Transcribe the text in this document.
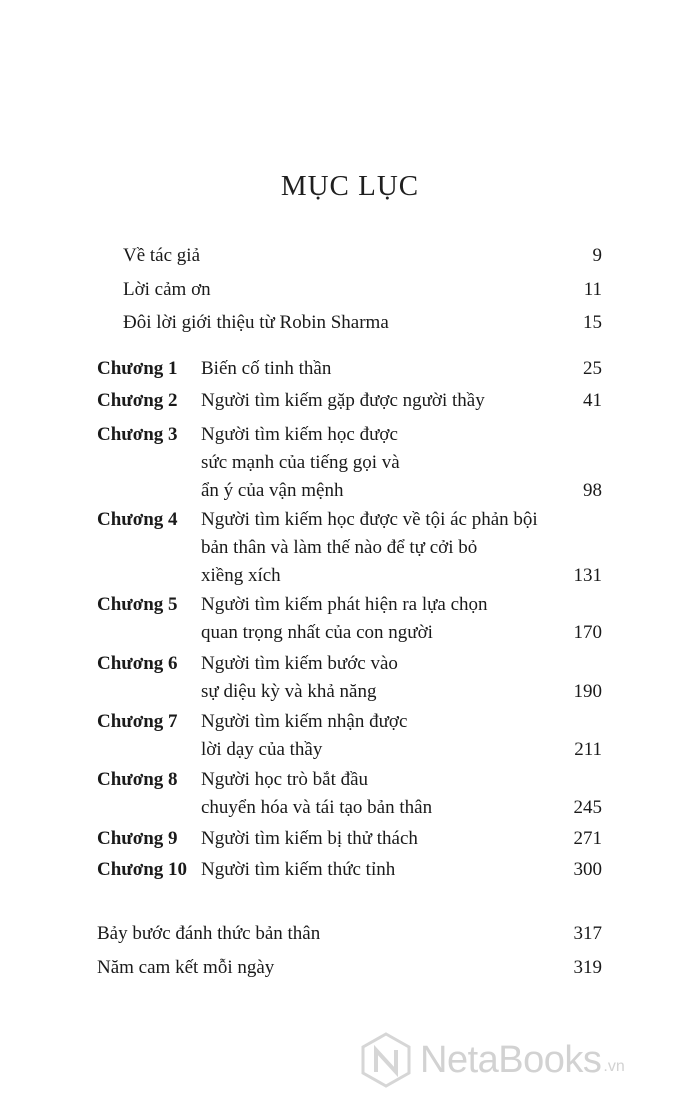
MỤC LỤC
Về tác giả	9
Lời cảm ơn	11
Đôi lời giới thiệu từ Robin Sharma	15
Chương 1 Biến cố tinh thần	25
Chương 2 Người tìm kiếm gặp được người thầy	41
Chương 3 Người tìm kiếm học được
sức mạnh của tiếng gọi và
ẩn ý của vận mệnh	98
Chương 4 Người tìm kiếm học được về tội ác phản bội
bản thân và làm thế nào để tự cởi bỏ
xiềng xích	131
Chương 5 Người tìm kiếm phát hiện ra lựa chọn
quan trọng nhất của con người	170
Chương 6 Người tìm kiếm bước vào
sự diệu kỳ và khả năng	190
Chương 7 Người tìm kiếm nhận được
lời dạy của thầy	211
Chương 8 Người học trò bắt đầu
chuyển hóa và tái tạo bản thân	245
Chương 9 Người tìm kiếm bị thử thách	271
Chương 10 Người tìm kiếm thức tỉnh	300
Bảy bước đánh thức bản thân	317
Năm cam kết mỗi ngày	319
NetaBooks .vn
